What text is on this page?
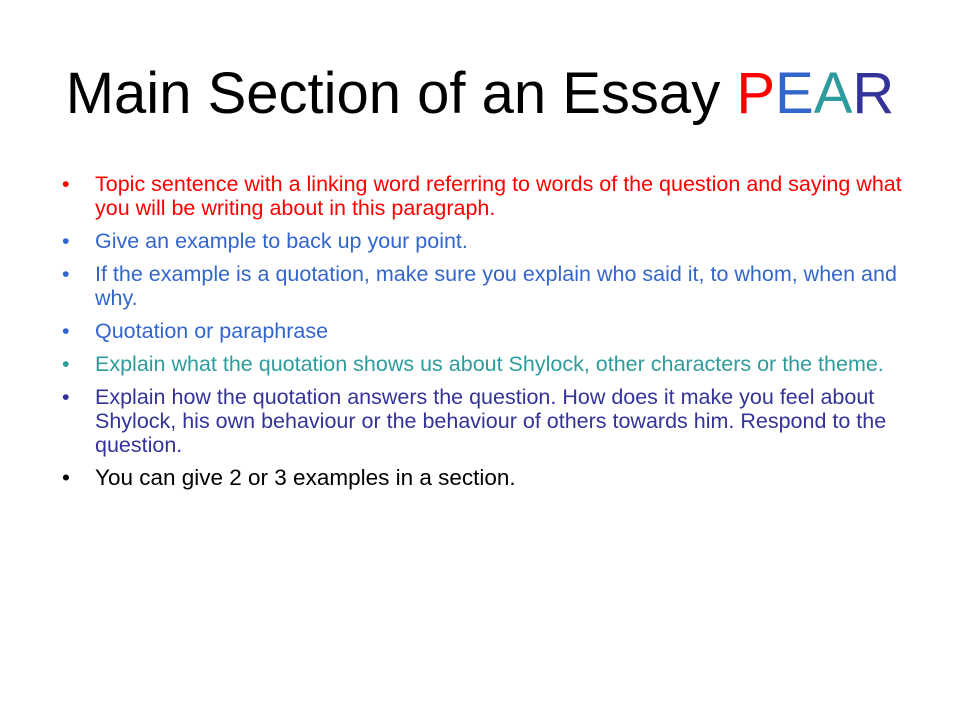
Main Section of an Essay PEAR
• Topic sentence with a linking word referring to words of the question and saying what you will be writing about in this paragraph.
• Give an example to back up your point.
• If the example is a quotation, make sure you explain who said it, to whom, when and why.
• Quotation or paraphrase
• Explain what the quotation shows us about Shylock, other characters or the theme.
• Explain how the quotation answers the question. How does it make you feel about Shylock, his own behaviour or the behaviour of others towards him. Respond to the question.
• You can give 2 or 3 examples in a section.
